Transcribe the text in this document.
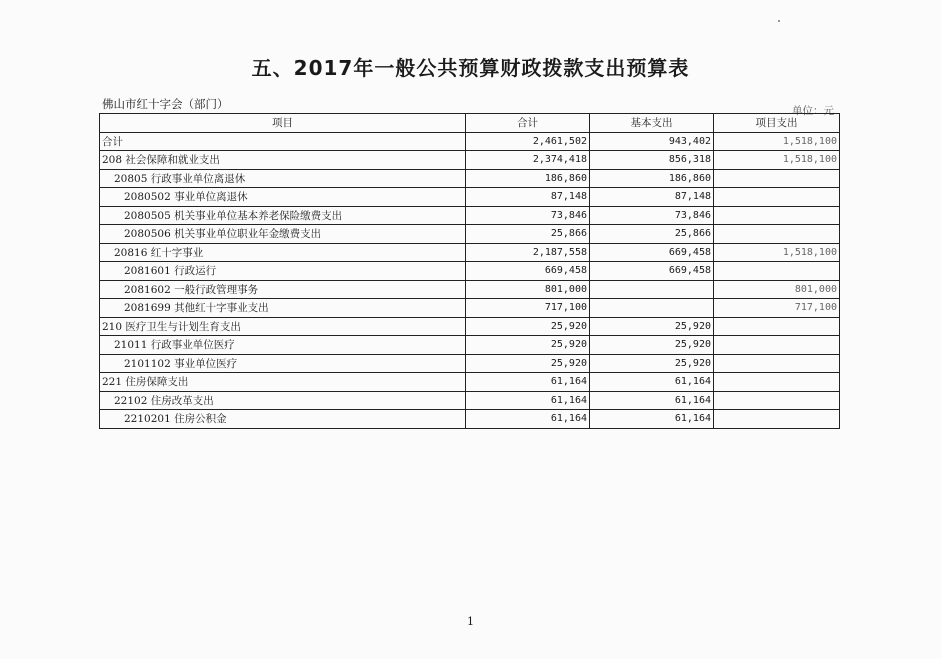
五、2017年一般公共预算财政拨款支出预算表
佛山市红十字会（部门）	单位：元
项目	合计	基本支出	项目支出
合计	2,461,502	943,402	1,518,100
208 社会保障和就业支出	2,374,418	856,318	1,518,100
20805 行政事业单位离退休	186,860	186,860	
2080502 事业单位离退休	87,148	87,148	
2080505 机关事业单位基本养老保险缴费支出	73,846	73,846	
2080506 机关事业单位职业年金缴费支出	25,866	25,866	
20816 红十字事业	2,187,558	669,458	1,518,100
2081601 行政运行	669,458	669,458	
2081602 一般行政管理事务	801,000		801,000
2081699 其他红十字事业支出	717,100		717,100
210 医疗卫生与计划生育支出	25,920	25,920	
21011 行政事业单位医疗	25,920	25,920	
2101102 事业单位医疗	25,920	25,920	
221 住房保障支出	61,164	61,164	
22102 住房改革支出	61,164	61,164	
2210201 住房公积金	61,164	61,164	
1
